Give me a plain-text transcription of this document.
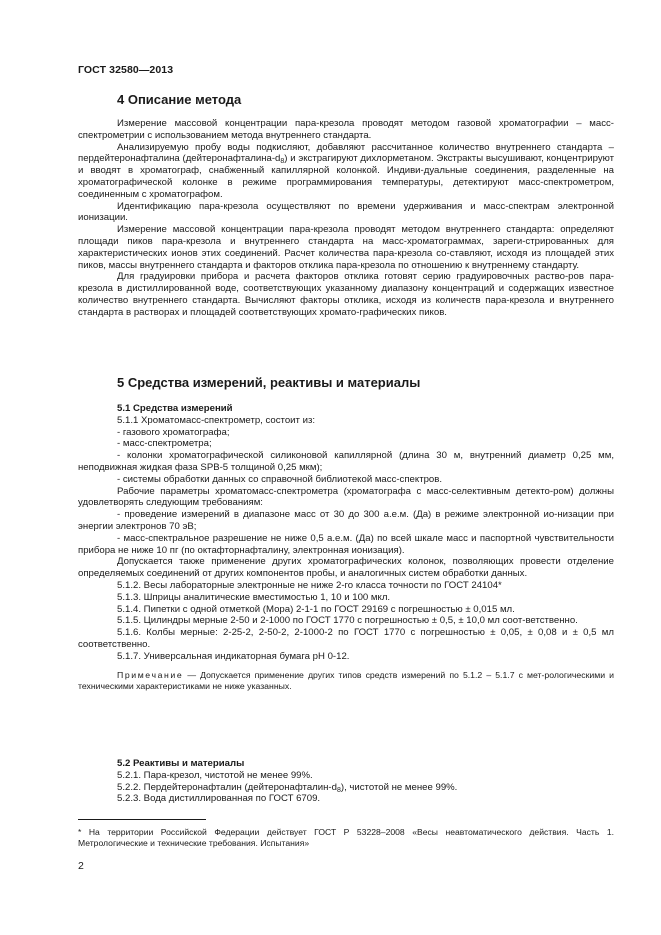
ГОСТ 32580—2013
4 Описание метода

Измерение массовой концентрации пара-крезола проводят методом газовой хроматографии – масс-спектрометрии с использованием метода внутреннего стандарта.

Анализируемую пробу воды подкисляют, добавляют рассчитанное количество внутреннего стандарта – пердейтеронафталина $(дейтеронафталина-d_8)$ и экстрагируют дихлорметаном. Экстракты высушивают, концентрируют и вводят в хроматограф, снабженный капиллярной колонкой. Индиви-дуальные соединения, разделенные на хроматографической колонке в режиме программирования температуры, детектируют масс-спектрометром, соединенным с хроматографом.

Идентификацию пара-крезола осуществляют по времени удерживания и масс-спектрам электронной ионизации.

Измерение массовой концентрации пара-крезола проводят методом внутреннего стандарта: определяют площади пиков пара-крезола и внутреннего стандарта на масс-хроматограммах, зареги-стрированных для характеристических ионов этих соединений. Расчет количества пара-крезола со-ставляют, исходя из площадей этих пиков, массы внутреннего стандарта и факторов отклика пара-крезола по отношению к внутреннему стандарту.

Для градуировки прибора и расчета факторов отклика готовят серию градуировочных раство-ров пара-крезола в дистиллированной воде, соответствующих указанному диапазону концентраций и содержащих известное количество внутреннего стандарта. Вычисляют факторы отклика, исходя из количеств пара-крезола и внутреннего стандарта в растворах и площадей соответствующих хромато-графических пиков.

5 Средства измерений, реактивы и материалы

5.1 Средства измерений

5.1.1 Хроматомасс-спектрометр, состоит из:

- газового хроматографа;

- масс-спектрометра;

- колонки хроматографической силиконовой капиллярной (длина 30 м, внутренний диаметр 0,25 мм, неподвижная жидкая фаза SPB-5 толщиной 0,25 мкм);

- системы обработки данных со справочной библиотекой масс-спектров.

Рабочие параметры хроматомасс-спектрометра (хроматографа с масс-селективным детекто-ром) должны удовлетворять следующим требованиям:

- проведение измерений в диапазоне масс от 30 до 300 а.е.м. (Да) в режиме электронной ио-низации при энергии электронов 70 эВ;

- масс-спектральное разрешение не ниже 0,5 а.е.м. (Да) по всей шкале масс и паспортной чувствительности прибора не ниже 10 пг (по октафторнафталину, электронная ионизация).

Допускается также применение других хроматографических колонок, позволяющих провести отделение определяемых соединений от других компонентов пробы, и аналогичных систем обработки данных.

5.1.2. Весы лабораторные электронные не ниже 2-го класса точности по ГОСТ 24104*

5.1.3. Шприцы аналитические вместимостью 1, 10 и 100 мкл.

5.1.4. Пипетки с одной отметкой (Мора) 2-1-1 по ГОСТ 29169 с погрешностью ± 0,015 мл.

5.1.5. Цилиндры мерные 2-50 и 2-1000 по ГОСТ 1770 с погрешностью ± 0,5, ± 10,0 мл соот-ветственно.

5.1.6. Колбы мерные: 2-25-2, 2-50-2, 2-1000-2 по ГОСТ 1770 с погрешностью ± 0,05, ± 0,08 и ± 0,5 мл соответственно.

5.1.7. Универсальная индикаторная бумага pH 0-12.

Примечание — Допускается применение других типов средств измерений по 5.1.2 – 5.1.7 с мет-рологическими и техническими характеристиками не ниже указанных.

5.2 Реактивы и материалы

5.2.1. Пара-крезол, чистотой не менее 99%.

5.2.2. Пердейтеронафталин $(дейтеронафталин-d_8)$, чистотой не менее 99%.

5.2.3. Вода дистиллированная по ГОСТ 6709.

* На территории Российской Федерации действует ГОСТ Р 53228–2008 «Весы неавтоматического действия. Часть 1. Метрологические и технические требования. Испытания»
2
